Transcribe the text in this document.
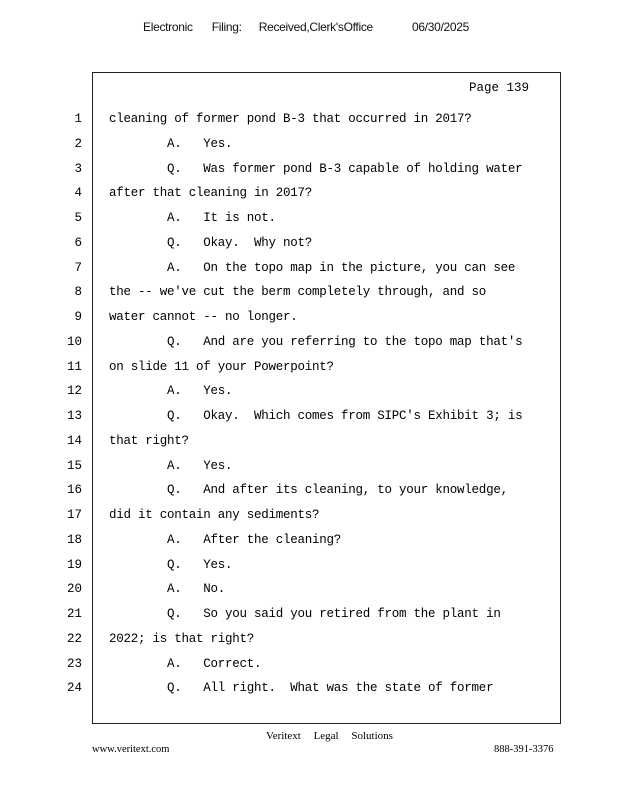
Electronic Filing: Received,Clerk'sOffice	06/30/2025
Page 139
1 cleaning of former pond B-3 that occurred in 2017?
2 A.   Yes.
3 Q.   Was former pond B-3 capable of holding water
4 after that cleaning in 2017?
5 A.   It is not.
6 Q.   Okay.  Why not?
7 A.   On the topo map in the picture, you can see
8 the -- we've cut the berm completely through, and so
9 water cannot -- no longer.
10 Q.   And are you referring to the topo map that's
11 on slide 11 of your Powerpoint?
12 A.   Yes.
13 Q.   Okay.  Which comes from SIPC's Exhibit 3; is
14 that right?
15 A.   Yes.
16 Q.   And after its cleaning, to your knowledge,
17 did it contain any sediments?
18 A.   After the cleaning?
19 Q.   Yes.
20 A.   No.
21 Q.   So you said you retired from the plant in
22 2022; is that right?
23 A.   Correct.
24 Q.   All right.  What was the state of former
Veritext Legal Solutions
www.veritext.com	888-391-3376
